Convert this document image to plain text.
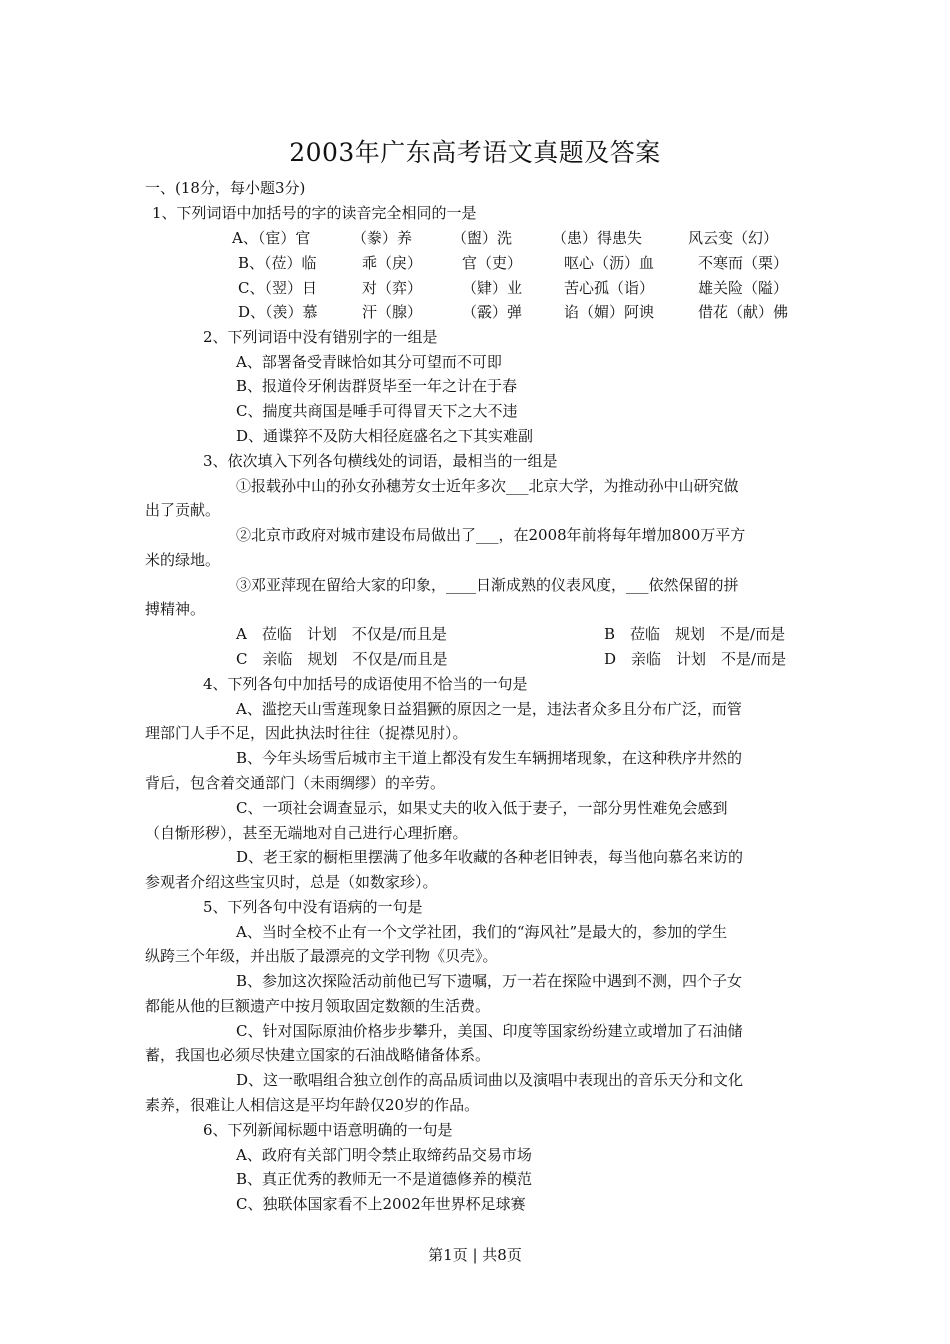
2003年广东高考语文真题及答案
一、(18分，每小题3分)
1、下列词语中加括号的字的读音完全相同的一是
A、（宦）官	（豢）养	（盥）洗	（患）得患失	风云变（幻）
B、（莅）临	乖（戾）	官（吏）	呕心（沥）血	不寒而（栗）
C、（翌）日	对（弈）	（肄）业	苦心孤（诣）	雄关险（隘）
D、（羡）慕	汗（腺）	（霰）弹	谄（媚）阿谀	借花（献）佛
2、下列词语中没有错别字的一组是
A、部署备受青睐恰如其分可望而不可即
B、报道伶牙俐齿群贤毕至一年之计在于春
C、揣度共商国是唾手可得冒天下之大不违
D、通谍猝不及防大相径庭盛名之下其实难副
3、依次填入下列各句横线处的词语，最相当的一组是
①报载孙中山的孙女孙穗芳女士近年多次___北京大学，为推动孙中山研究做
出了贡献。
②北京市政府对城市建设布局做出了___，在2008年前将每年增加800万平方
米的绿地。
③邓亚萍现在留给大家的印象，____日渐成熟的仪表风度，___依然保留的拼
搏精神。
A　莅临　计划　不仅是/而且是	B　莅临　规划　不是/而是
C　亲临　规划　不仅是/而且是	D　亲临　计划　不是/而是
4、下列各句中加括号的成语使用不恰当的一句是
A、滥挖天山雪莲现象日益猖獗的原因之一是，违法者众多且分布广泛，而管
理部门人手不足，因此执法时往往（捉襟见肘）。
B、今年头场雪后城市主干道上都没有发生车辆拥堵现象，在这种秩序井然的
背后，包含着交通部门（未雨绸缪）的辛劳。
C、一项社会调查显示，如果丈夫的收入低于妻子，一部分男性难免会感到
（自惭形秽），甚至无端地对自己进行心理折磨。
D、老王家的橱柜里摆满了他多年收藏的各种老旧钟表，每当他向慕名来访的
参观者介绍这些宝贝时，总是（如数家珍）。
5、下列各句中没有语病的一句是
A、当时全校不止有一个文学社团，我们的“海风社”是最大的，参加的学生
纵跨三个年级，并出版了最漂亮的文学刊物《贝壳》。
B、参加这次探险活动前他已写下遗嘱，万一若在探险中遇到不测，四个子女
都能从他的巨额遗产中按月领取固定数额的生活费。
C、针对国际原油价格步步攀升，美国、印度等国家纷纷建立或增加了石油储
蓄，我国也必须尽快建立国家的石油战略储备体系。
D、这一歌唱组合独立创作的高品质词曲以及演唱中表现出的音乐天分和文化
素养，很难让人相信这是平均年龄仅20岁的作品。
6、下列新闻标题中语意明确的一句是
A、政府有关部门明令禁止取缔药品交易市场
B、真正优秀的教师无一不是道德修养的模范
C、独联体国家看不上2002年世界杯足球赛
第1页 | 共8页
